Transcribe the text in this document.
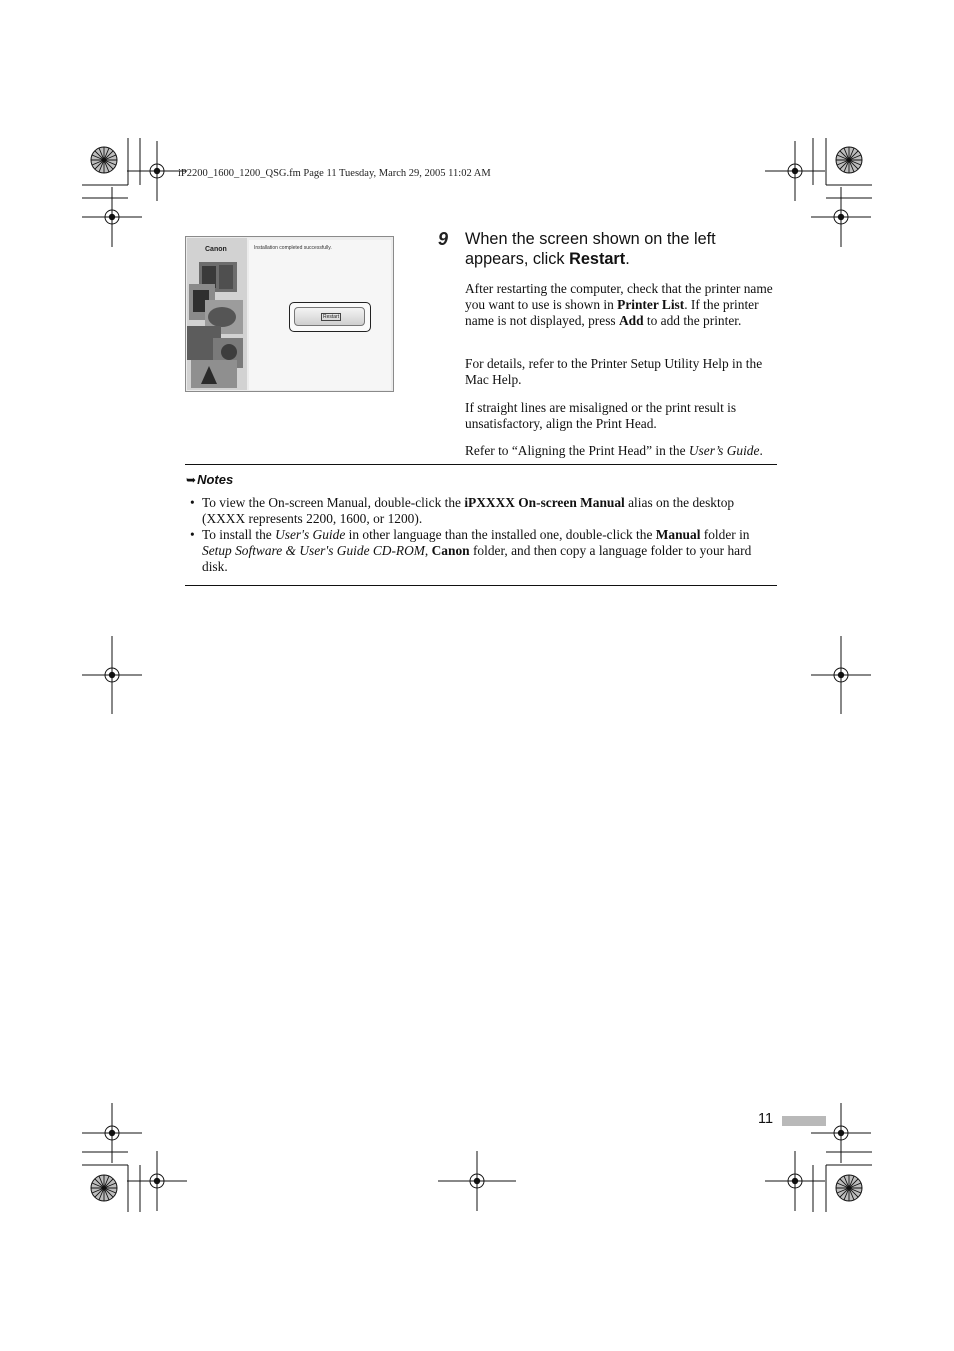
iP2200_1600_1200_QSG.fm Page 11 Tuesday, March 29, 2005 11:02 AM
Canon	Installation completed successfully.
Restart
9 When the screen shown on the left appears, click Restart.
After restarting the computer, check that the printer name you want to use is shown in Printer List. If the printer name is not displayed, press Add to add the printer.
For details, refer to the Printer Setup Utility Help in the Mac Help.
If straight lines are misaligned or the print result is unsatisfactory, align the Print Head.
Refer to “Aligning the Print Head” in the User’s Guide.
➥Notes
• To view the On-screen Manual, double-click the iPXXXX On-screen Manual alias on the desktop (XXXX represents 2200, 1600, or 1200).
• To install the User's Guide in other language than the installed one, double-click the Manual folder in Setup Software & User's Guide CD-ROM, Canon folder, and then copy a language folder to your hard disk.
11
